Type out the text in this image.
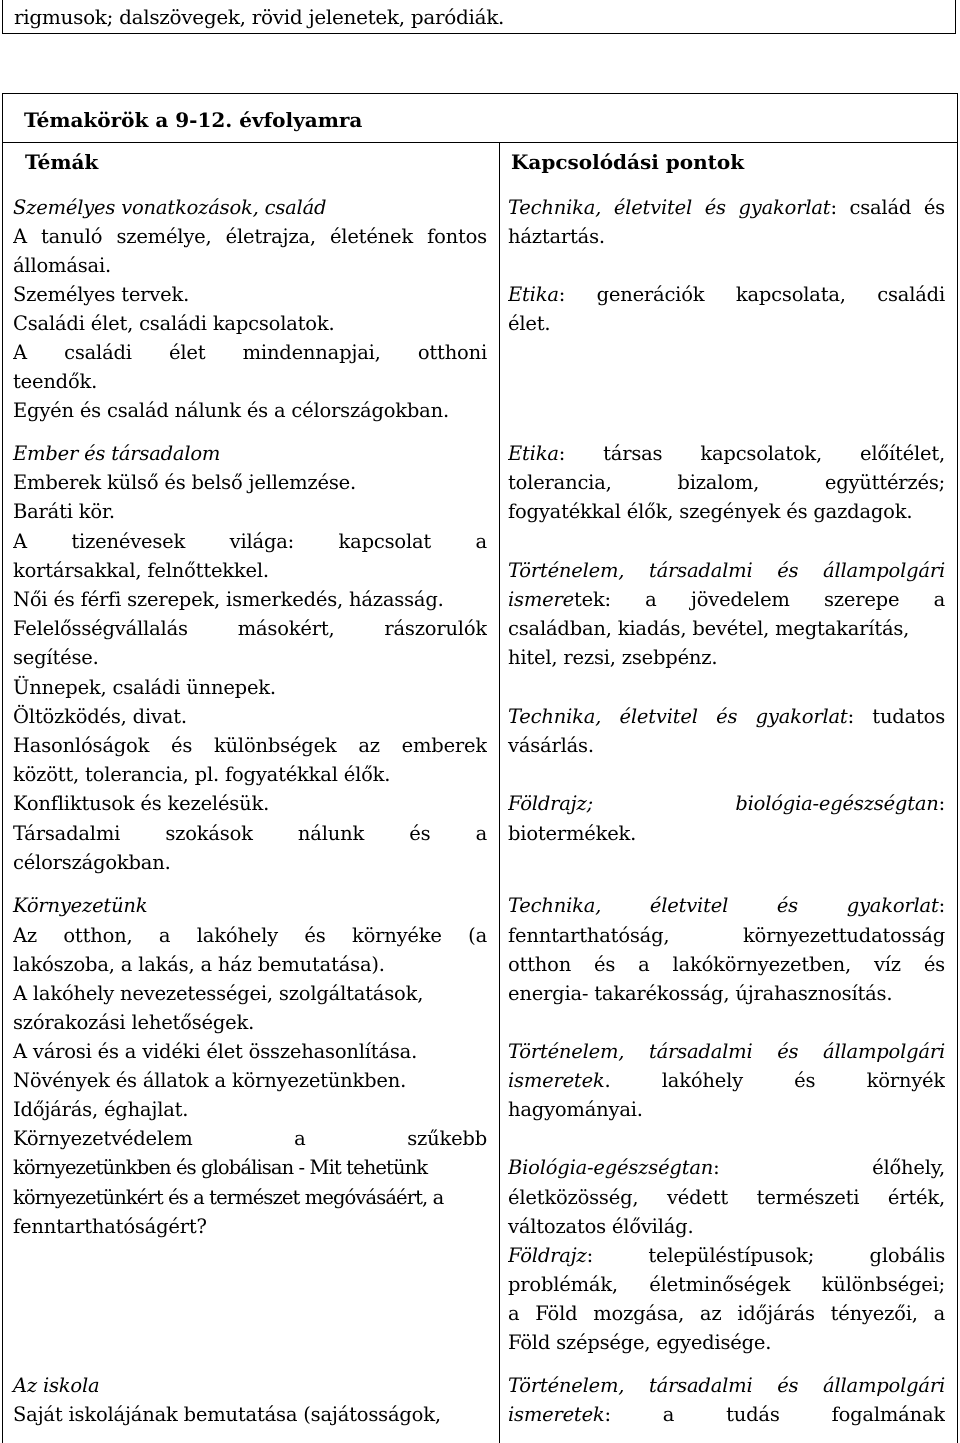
rigmusok; dalszövegek, rövid jelenetek, paródiák.
Témakörök a 9-12. évfolyamra
Témák	Kapcsolódási pontok
Személyes vonatkozások, család
A tanuló személye, életrajza, életének fontos
állomásai.
Személyes tervek.
Családi élet, családi kapcsolatok.
A családi élet mindennapjai, otthoni
teendők.
Egyén és család nálunk és a célországokban.
Ember és társadalom
Emberek külső és belső jellemzése.
Baráti kör.
A tizenévesek világa: kapcsolat a
kortársakkal, felnőttekkel.
Női és férfi szerepek, ismerkedés, házasság.
Felelősségvállalás másokért, rászorulók
segítése.
Ünnepek, családi ünnepek.
Öltözködés, divat.
Hasonlóságok és különbségek az emberek
között, tolerancia, pl. fogyatékkal élők.
Konfliktusok és kezelésük.
Társadalmi szokások nálunk és a
célországokban.
Környezetünk
Az otthon, a lakóhely és környéke (a
lakószoba, a lakás, a ház bemutatása).
A lakóhely nevezetességei, szolgáltatások,
szórakozási lehetőségek.
A városi és a vidéki élet összehasonlítása.
Növények és állatok a környezetünkben.
Időjárás, éghajlat.
Környezetvédelem a szűkebb
környezetünkben és globálisan - Mit tehetünk
környezetünkért és a természet megóvásáért, a
fenntarthatóságért?
Az iskola
Saját iskolájának bemutatása (sajátosságok,
Technika, életvitel és gyakorlat: család és
háztartás.
Etika: generációk kapcsolata, családi
élet.
Etika: társas kapcsolatok, előítélet,
tolerancia, bizalom, együttérzés;
fogyatékkal élők, szegények és gazdagok.
Történelem, társadalmi és állampolgári
ismeretek: a jövedelem szerepe a
családban, kiadás, bevétel, megtakarítás,
hitel, rezsi, zsebpénz.
Technika, életvitel és gyakorlat: tudatos
vásárlás.
Földrajz; biológia-egészségtan:
biotermékek.
Technika, életvitel és gyakorlat:
fenntarthatóság, környezettudatosság
otthon és a lakókörnyezetben, víz és
energia- takarékosság, újrahasznosítás.
Történelem, társadalmi és állampolgári
ismeretek. lakóhely és környék
hagyományai.
Biológia-egészségtan: élőhely,
életközösség, védett természeti érték,
változatos élővilág.
Földrajz: településtípusok; globális
problémák, életminőségek különbségei;
a Föld mozgása, az időjárás tényezői, a
Föld szépsége, egyedisége.
Történelem, társadalmi és állampolgári
ismeretek: a tudás fogalmának
